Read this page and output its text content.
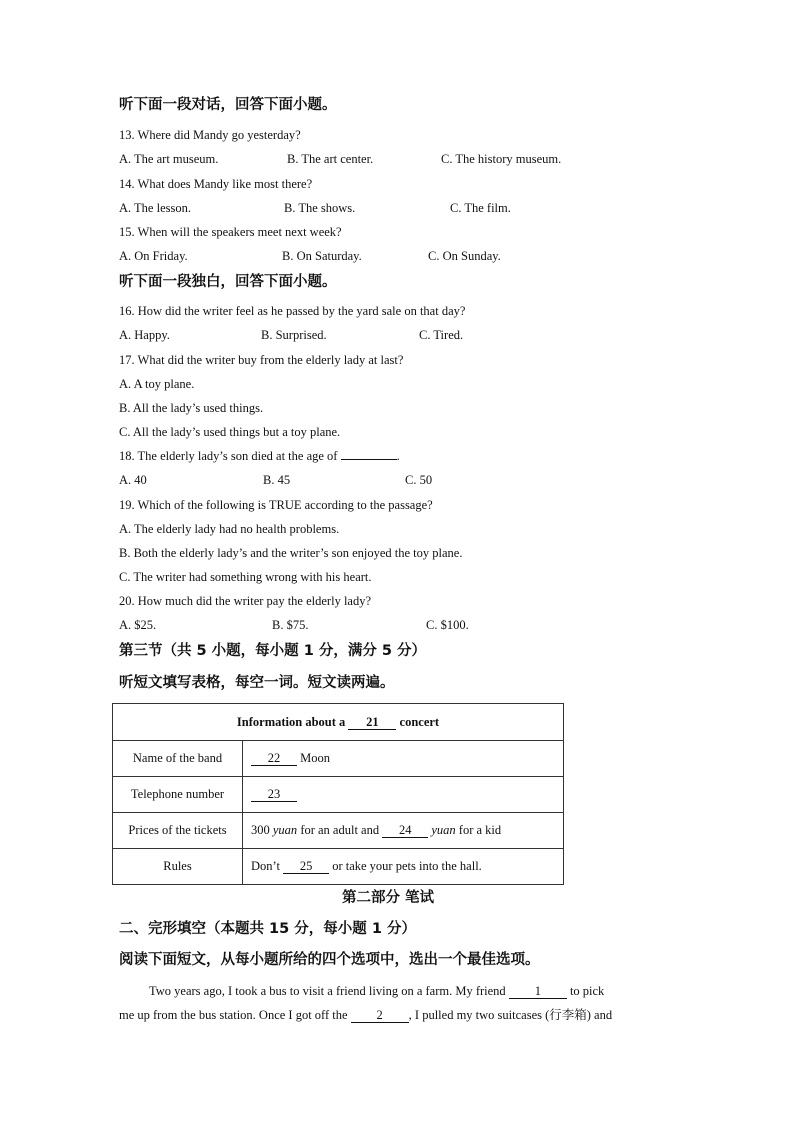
听下面一段对话，回答下面小题。
13. Where did Mandy go yesterday?
A. The art museum.	B. The art center.	C. The history museum.
14. What does Mandy like most there?
A. The lesson.	B. The shows.	C. The film.
15. When will the speakers meet next week?
A. On Friday.	B. On Saturday.	C. On Sunday.
听下面一段独白，回答下面小题。
16. How did the writer feel as he passed by the yard sale on that day?
A. Happy.	B. Surprised.	C. Tired.
17. What did the writer buy from the elderly lady at last?
A. A toy plane.
B. All the lady’s used things.
C. All the lady’s used things but a toy plane.
18. The elderly lady’s son died at the age of	.
A. 40	B. 45	C. 50
19. Which of the following is TRUE according to the passage?
A. The elderly lady had no health problems.
B. Both the elderly lady’s and the writer’s son enjoyed the toy plane.
C. The writer had something wrong with his heart.
20. How much did the writer pay the elderly lady?
A. $25.	B. $75.	C. $100.
第三节（共 5 小题，每小题 1 分，满分 5 分）
听短文填写表格，每空一词。短文读两遍。
Information about a 21 concert	
Name of the band	22 Moon
Telephone number	23
Prices of the tickets	300 yuan for an adult and 24 yuan for a kid
Rules	Don’t 25 or take your pets into the hall.
第二部分 笔试
二、完形填空（本题共 15 分，每小题 1 分）
阅读下面短文，从每小题所给的四个选项中，选出一个最佳选项。
Two years ago, I took a bus to visit a friend living on a farm. My friend 1 to pick
me up from the bus station. Once I got off the 2 , I pulled my two suitcases (行李箱) and
